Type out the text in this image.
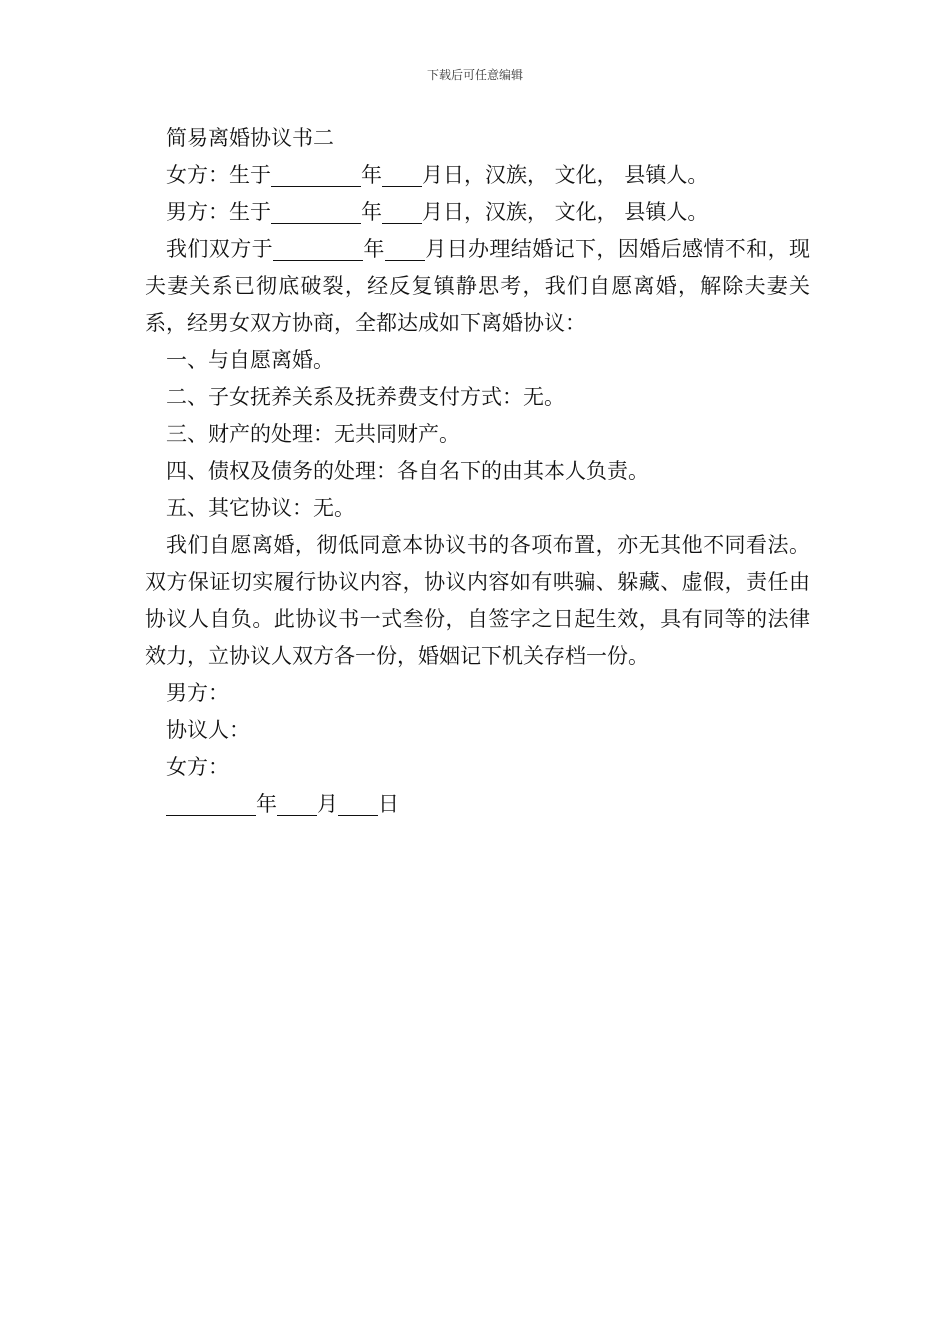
下载后可任意编辑
简易离婚协议书二
女方：生于	年 月日，汉族， 文化， 县镇人。
男方：生于	年 月日，汉族， 文化， 县镇人。

我们双方于	年 月日办理结婚记下，因婚后感情不和，现夫妻关系已彻底破裂，经反复镇静思考，我们自愿离婚，解除夫妻关系，经男女双方协商，全都达成如下离婚协议：

一、与自愿离婚。
二、子女抚养关系及抚养费支付方式：无。
三、财产的处理：无共同财产。
四、债权及债务的处理：各自名下的由其本人负责。
五、其它协议：无。

我们自愿离婚，彻低同意本协议书的各项布置，亦无其他不同看法。双方保证切实履行协议内容，协议内容如有哄骗、躲藏、虚假，责任由协议人自负。此协议书一式叁份，自签字之日起生效，具有同等的法律效力，立协议人双方各一份，婚姻记下机关存档一份。

男方：
协议人：
女方：
年 月 日
